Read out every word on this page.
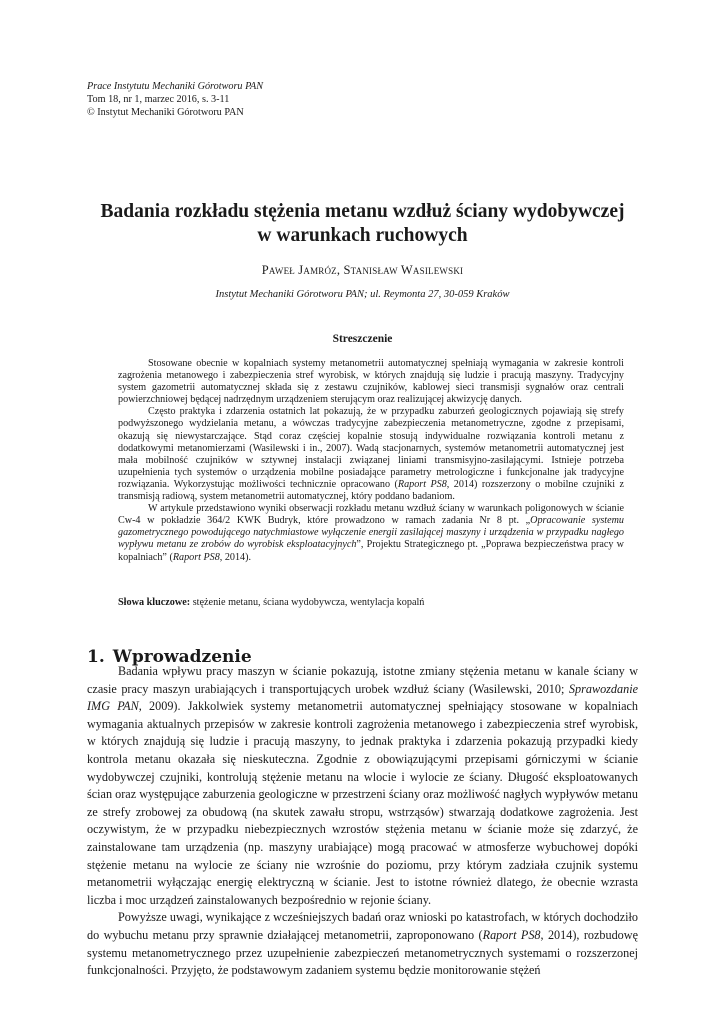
Prace Instytutu Mechaniki Górotworu PAN
Tom 18, nr 1, marzec 2016, s. 3-11
© Instytut Mechaniki Górotworu PAN
Badania rozkładu stężenia metanu wzdłuż ściany wydobywczej
w warunkach ruchowych
Paweł Jamróz, Stanisław Wasilewski
Instytut Mechaniki Górotworu PAN; ul. Reymonta 27, 30-059 Kraków
Streszczenie

Stosowane obecnie w kopalniach systemy metanometrii automatycznej spełniają wymagania w zakresie kontroli zagrożenia metanowego i zabezpieczenia stref wyrobisk, w których znajdują się ludzie i pracują maszyny. Tradycyjny system gazometrii automatycznej składa się z zestawu czujników, kablowej sieci transmisji sygnałów oraz centrali powierzchniowej będącej nadrzędnym urządzeniem sterującym oraz realizującej akwizycję danych.

Często praktyka i zdarzenia ostatnich lat pokazują, że w przypadku zaburzeń geologicznych pojawiają się strefy podwyższonego wydzielania metanu, a wówczas tradycyjne zabezpieczenia metanometryczne, zgodne z przepisami, okazują się niewystarczające. Stąd coraz częściej kopalnie stosują indywidualne rozwiązania kontroli metanu z dodatkowymi metanomierzami (Wasilewski i in., 2007). Wadą stacjonarnych, systemów metanometrii automatycznej jest mała mobilność czujników w sztywnej instalacji związanej liniami transmisyjno-zasilającymi. Istnieje potrzeba uzupełnienia tych systemów o urządzenia mobilne posiadające parametry metrologiczne i funkcjonalne jak tradycyjne rozwiązania. Wykorzystując możliwości technicznie opracowano (Raport PS8, 2014) rozszerzony o mobilne czujniki z transmisją radiową, system metanometrii automatycznej, który poddano badaniom.

W artykule przedstawiono wyniki obserwacji rozkładu metanu wzdłuż ściany w warunkach poligonowych w ścianie Cw-4 w pokładzie 364/2 KWK Budryk, które prowadzono w ramach zadania Nr 8 pt. „Opracowanie systemu gazometrycznego powodującego natychmiastowe wyłączenie energii zasilającej maszyny i urządzenia w przypadku nagłego wypływu metanu ze zrobów do wyrobisk eksploatacyjnych”, Projektu Strategicznego pt. „Poprawa bezpieczeństwa pracy w kopalniach” (Raport PS8, 2014).

Słowa kluczowe: stężenie metanu, ściana wydobywcza, wentylacja kopalń
1. Wprowadzenie

Badania wpływu pracy maszyn w ścianie pokazują, istotne zmiany stężenia metanu w kanale ściany w czasie pracy maszyn urabiających i transportujących urobek wzdłuż ściany (Wasilewski, 2010; Sprawozdanie IMG PAN, 2009). Jakkolwiek systemy metanometrii automatycznej spełniający stosowane w kopalniach wymagania aktualnych przepisów w zakresie kontroli zagrożenia metanowego i zabezpieczenia stref wyrobisk, w których znajdują się ludzie i pracują maszyny, to jednak praktyka i zdarzenia pokazują przypadki kiedy kontrola metanu okazała się nieskuteczna. Zgodnie z obowiązującymi przepisami górniczymi w ścianie wydobywczej czujniki, kontrolują stężenie metanu na wlocie i wylocie ze ściany. Długość eksploatowanych ścian oraz występujące zaburzenia geologiczne w przestrzeni ściany oraz możliwość nagłych wypływów metanu ze strefy zrobowej za obudową (na skutek zawału stropu, wstrząsów) stwarzają dodatkowe zagrożenia. Jest oczywistym, że w przypadku niebezpiecznych wzrostów stężenia metanu w ścianie może się zdarzyć, że zainstalowane tam urządzenia (np. maszyny urabiające) mogą pracować w atmosferze wybuchowej dopóki stężenie metanu na wylocie ze ściany nie wzrośnie do poziomu, przy którym zadziała czujnik systemu metanometrii wyłączając energię elektryczną w ścianie. Jest to istotne również dlatego, że obecnie wzrasta liczba i moc urządzeń zainstalowanych bezpośrednio w rejonie ściany.

Powyższe uwagi, wynikające z wcześniejszych badań oraz wnioski po katastrofach, w których dochodziło do wybuchu metanu przy sprawnie działającej metanometrii, zaproponowano (Raport PS8, 2014), rozbudowę systemu metanometrycznego przez uzupełnienie zabezpieczeń metanometrycznych systemami o rozszerzonej funkcjonalności. Przyjęto, że podstawowym zadaniem systemu będzie monitorowanie stężeń
